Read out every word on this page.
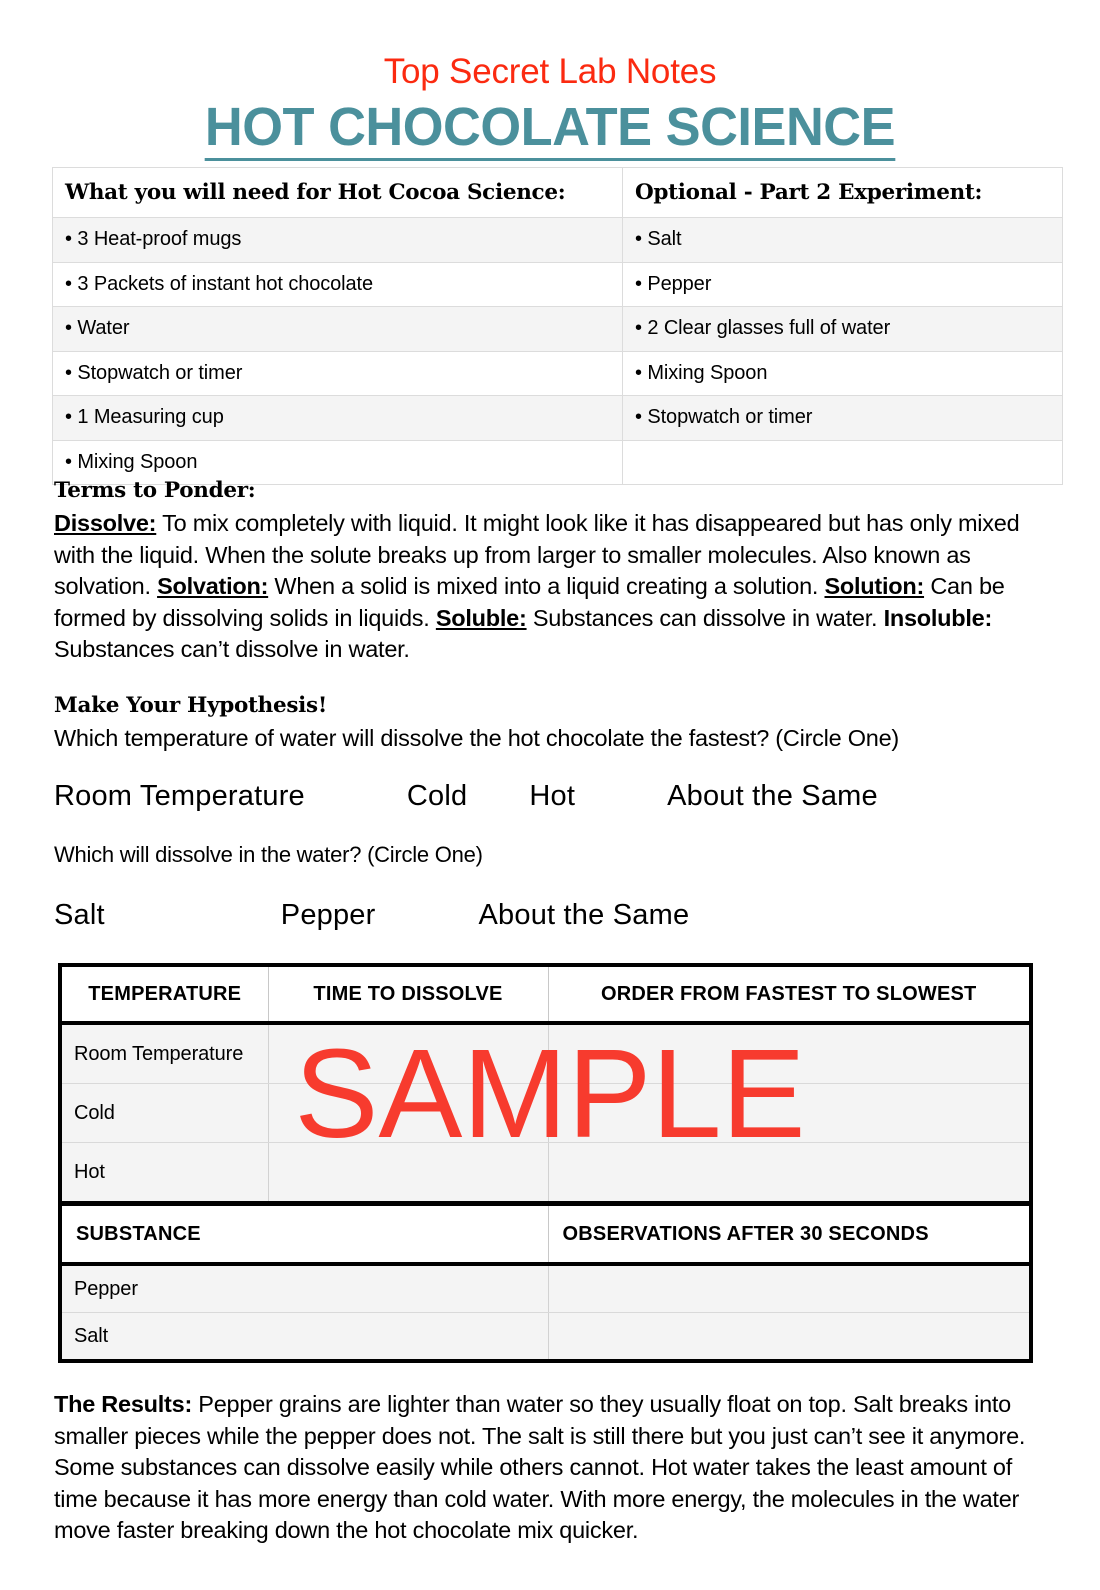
Top Secret Lab Notes
HOT CHOCOLATE SCIENCE
What you will need for Hot Cocoa Science:	Optional - Part 2 Experiment:
• 3 Heat-proof mugs	• Salt
• 3 Packets of instant hot chocolate	• Pepper
• Water	• 2 Clear glasses full of water
• Stopwatch or timer	• Mixing Spoon
• 1 Measuring cup	• Stopwatch or timer
• Mixing Spoon	
Terms to Ponder:
Dissolve: To mix completely with liquid. It might look like it has disappeared but has only mixed with the liquid. When the solute breaks up from larger to smaller molecules. Also known as solvation. Solvation: When a solid is mixed into a liquid creating a solution. Solution: Can be formed by dissolving solids in liquids. Soluble: Substances can dissolve in water. Insoluble: Substances can’t dissolve in water.
Make Your Hypothesis!
Which temperature of water will dissolve the hot chocolate the fastest? (Circle One)
Room Temperature	Cold Hot	About the Same
Which will dissolve in the water? (Circle One)
Salt	Pepper	About the Same
TEMPERATURE	TIME TO DISSOLVE	ORDER FROM FASTEST TO SLOWEST
Room Temperature		
Cold		
Hot		
SUBSTANCE	OBSERVATIONS AFTER 30 SECONDS
Pepper	
Salt	
SAMPLE
The Results: Pepper grains are lighter than water so they usually float on top. Salt breaks into smaller pieces while the pepper does not. The salt is still there but you just can’t see it anymore. Some substances can dissolve easily while others cannot. Hot water takes the least amount of time because it has more energy than cold water. With more energy, the molecules in the water move faster breaking down the hot chocolate mix quicker.
